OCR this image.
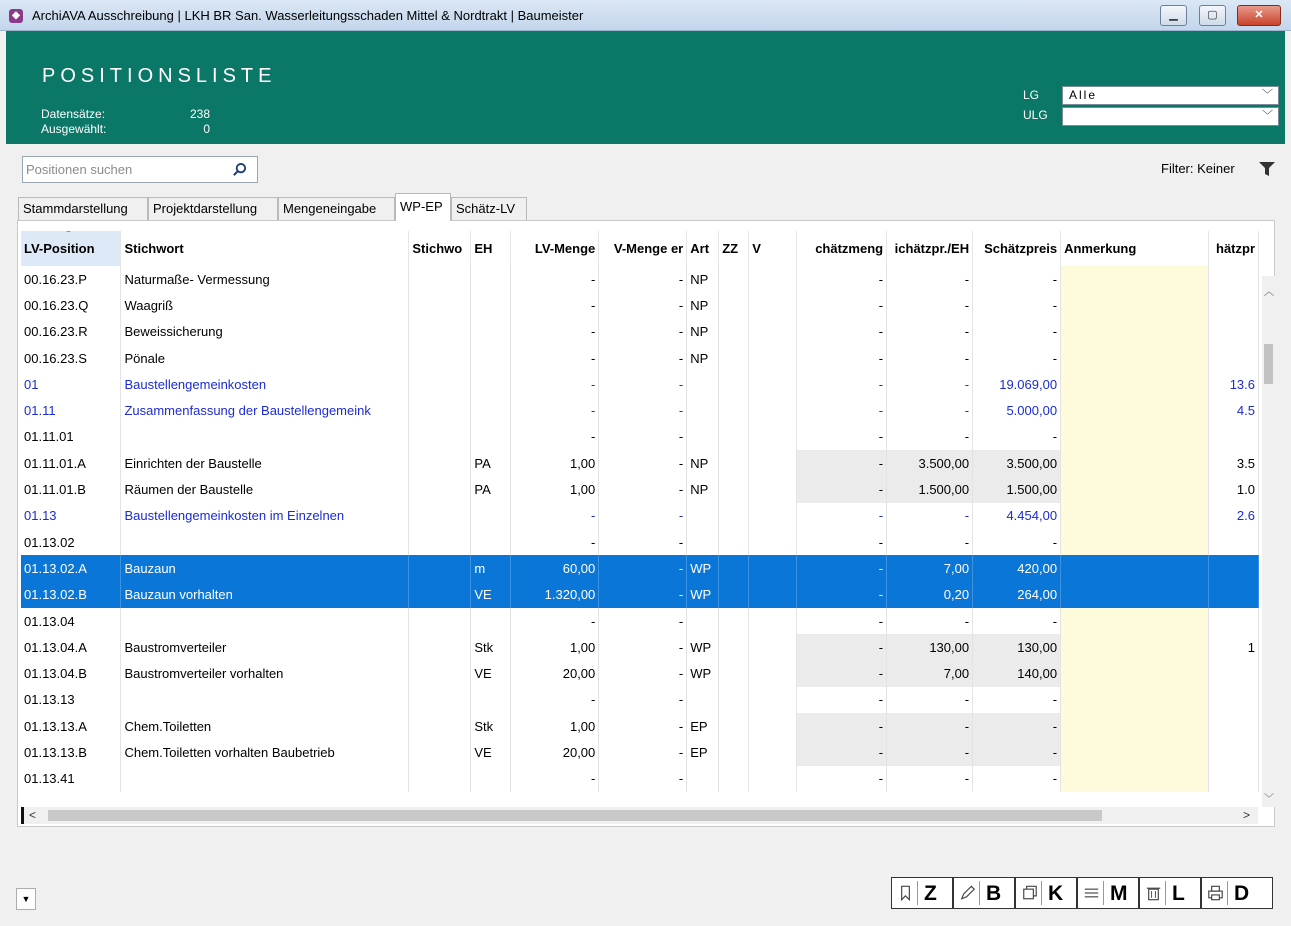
◆ ArchiAVA Ausschreibung | LKH BR San. Wasserleitungsschaden Mittel & Nordtrakt | Baumeister	▁	▢	✕
POSITIONSLISTE
Datensätze:	238
Ausgewählt:	0
LG	Alle	﹀
ULG	﹀
Positionen suchen	Filter: Keiner
Stammdarstellung	Projektdarstellung	Mengeneingabe	WP-EP	Schätz-LV
▲ LV-Position	Stichwort	Stichwo	EH	LV-Menge	V-Menge er	Art	ZZ	V	chätzmeng	ichätzpr./EH	Schätzpreis	Anmerkung	hätzpr
00.16.23.P	Naturmaße- Vermessung			-	-	NP			-	-	-		
00.16.23.Q	Waagriß			-	-	NP			-	-	-		
00.16.23.R	Beweissicherung			-	-	NP			-	-	-		
00.16.23.S	Pönale			-	-	NP			-	-	-		
01	Baustellengemeinkosten			-	-				-	-	19.069,00		13.6
01.11	Zusammenfassung der Baustellengemeink			-	-				-	-	5.000,00		4.5
01.11.01				-	-				-	-	-		
01.11.01.A	Einrichten der Baustelle		PA	1,00	-	NP			-	3.500,00	3.500,00		3.5
01.11.01.B	Räumen der Baustelle		PA	1,00	-	NP			-	1.500,00	1.500,00		1.0
01.13	Baustellengemeinkosten im Einzelnen			-	-				-	-	4.454,00		2.6
01.13.02				-	-				-	-	-		
01.13.02.A	Bauzaun		m	60,00	-	WP			-	7,00	420,00		
01.13.02.B	Bauzaun vorhalten		VE	1.320,00	-	WP			-	0,20	264,00		
01.13.04				-	-				-	-	-		
01.13.04.A	Baustromverteiler		Stk	1,00	-	WP			-	130,00	130,00		1
01.13.04.B	Baustromverteiler vorhalten		VE	20,00	-	WP			-	7,00	140,00		
01.13.13				-	-				-	-	-		
01.13.13.A	Chem.Toiletten		Stk	1,00	-	EP			-	-	-		
01.13.13.B	Chem.Toiletten vorhalten Baubetrieb		VE	20,00	-	EP			-	-	-		
01.13.41				-	-				-	-	-		
︿
﹀
<	>
▼	Z B K M L D
